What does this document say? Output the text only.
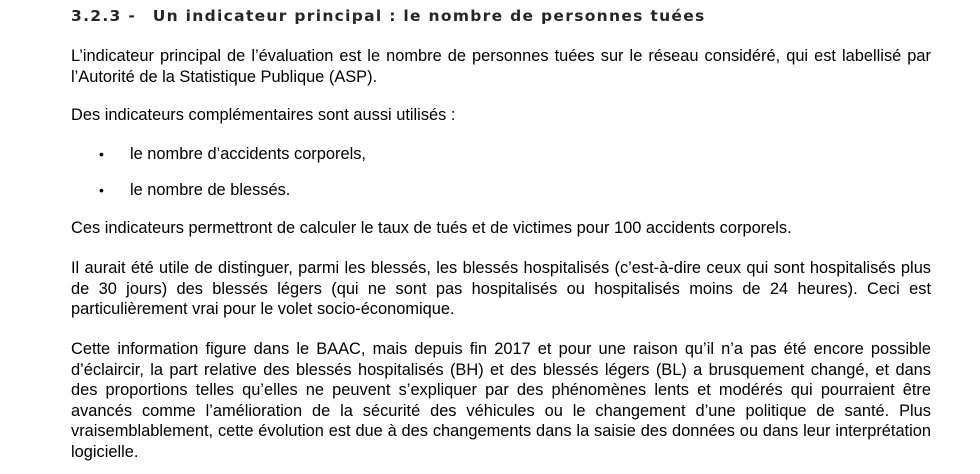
3.2.3 - Un indicateur principal : le nombre de personnes tuées

L’indicateur principal de l’évaluation est le nombre de personnes tuées sur le réseau considéré, qui est labellisé par l’Autorité de la Statistique Publique (ASP).

Des indicateurs complémentaires sont aussi utilisés :

• le nombre d’accidents corporels,
• le nombre de blessés.

Ces indicateurs permettront de calculer le taux de tués et de victimes pour 100 accidents corporels.

Il aurait été utile de distinguer, parmi les blessés, les blessés hospitalisés (c’est-à-dire ceux qui sont hospitalisés plus de 30 jours) des blessés légers (qui ne sont pas hospitalisés ou hospitalisés moins de 24 heures). Ceci est particulièrement vrai pour le volet socio-économique.

Cette information figure dans le BAAC, mais depuis fin 2017 et pour une raison qu’il n’a pas été encore possible d’éclaircir, la part relative des blessés hospitalisés (BH) et des blessés légers (BL) a brusquement changé, et dans des proportions telles qu’elles ne peuvent s’expliquer par des phénomènes lents et modérés qui pourraient être avancés comme l’amélioration de la sécurité des véhicules ou le changement d’une politique de santé. Plus vraisemblablement, cette évolution est due à des changements dans la saisie des données ou dans leur interprétation logicielle.
